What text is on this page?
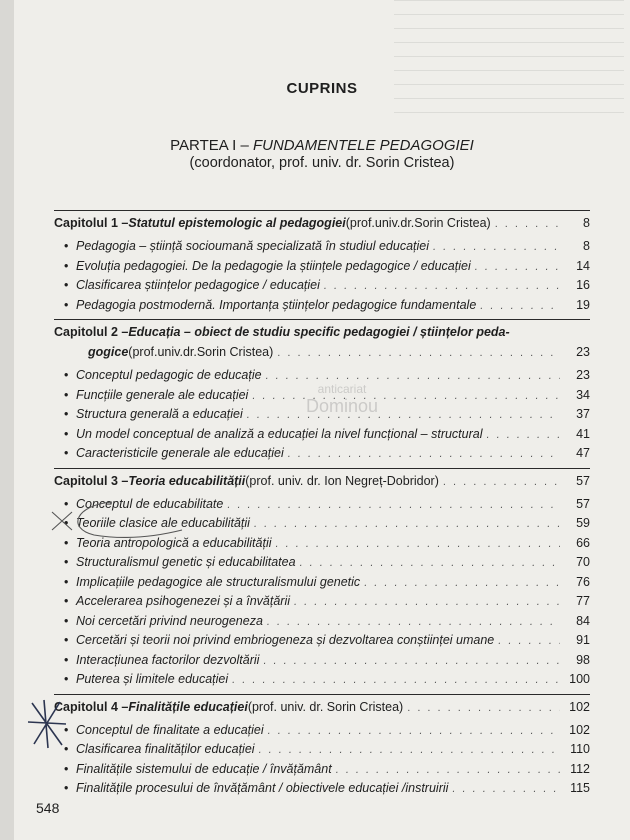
CUPRINS
PARTEA I – FUNDAMENTELE PEDAGOGIEI
(coordonator, prof. univ. dr. Sorin Cristea)
Capitolul 1 – Statutul epistemologic al pedagogiei (prof.univ.dr.Sorin Cristea) . . .	8
• Pedagogia – știință socioumană specializată în studiul educației . . .	8
• Evoluția pedagogiei. De la pedagogie la științele pedagogice / educației . . .	14
• Clasificarea științelor pedagogice / educației . . .	16
• Pedagogia postmodernă. Importanța științelor pedagogice fundamentale . . .	19
Capitolul 2 – Educația – obiect de studiu specific pedagogiei / științelor peda-
gogice (prof.univ.dr.Sorin Cristea) . . .	23
• Conceptul pedagogic de educație . . .	23
• Funcțiile generale ale educației . . .	34
• Structura generală a educației . . .	37
• Un model conceptual de analiză a educației la nivel funcțional – structural . . .	41
• Caracteristicile generale ale educației . . .	47
Capitolul 3 – Teoria educabilității (prof. univ. dr. Ion Negreț-Dobridor) . . .	57
• Conceptul de educabilitate . . .	57
• Teoriile clasice ale educabilității . . .	59
• Teoria antropologică a educabilității . . .	66
• Structuralismul genetic și educabilitatea . . .	70
• Implicațiile pedagogice ale structuralismului genetic . . .	76
• Accelerarea psihogenezei și a învățării . . .	77
• Noi cercetări privind neurogeneza . . .	84
• Cercetări și teorii noi privind embriogeneza și dezvoltarea conștiinței umane . . .	91
• Interacțiunea factorilor dezvoltării . . .	98
• Puterea și limitele educației . . .	100
Capitolul 4 – Finalitățile educației (prof. univ. dr. Sorin Cristea) . . .	102
• Conceptul de finalitate a educației . . .	102
• Clasificarea finalităților educației . . .	110
• Finalitățile sistemului de educație / învățământ . . .	112
• Finalitățile procesului de învățământ / obiectivele educației /instruirii . . .	115
anticariat
Dominou
548
